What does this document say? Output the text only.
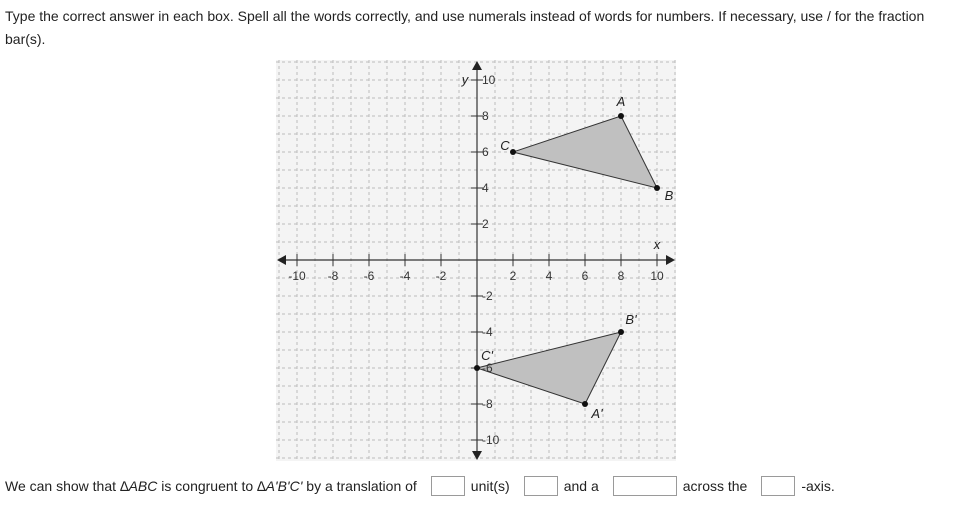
Type the correct answer in each box. Spell all the words correctly, and use numerals instead of words for numbers. If necessary, use / for the fraction bar(s).
-10 -8 -6 -4 -2	2 4 6 8 10
10
8
6
4
2
-2
-4
-6
-8
-10
x
y
A
B
C
A'
B'
C'
We can show that ∆ABC is congruent to ∆A'B'C' by a translation of	unit(s)	and a	across the	-axis.
